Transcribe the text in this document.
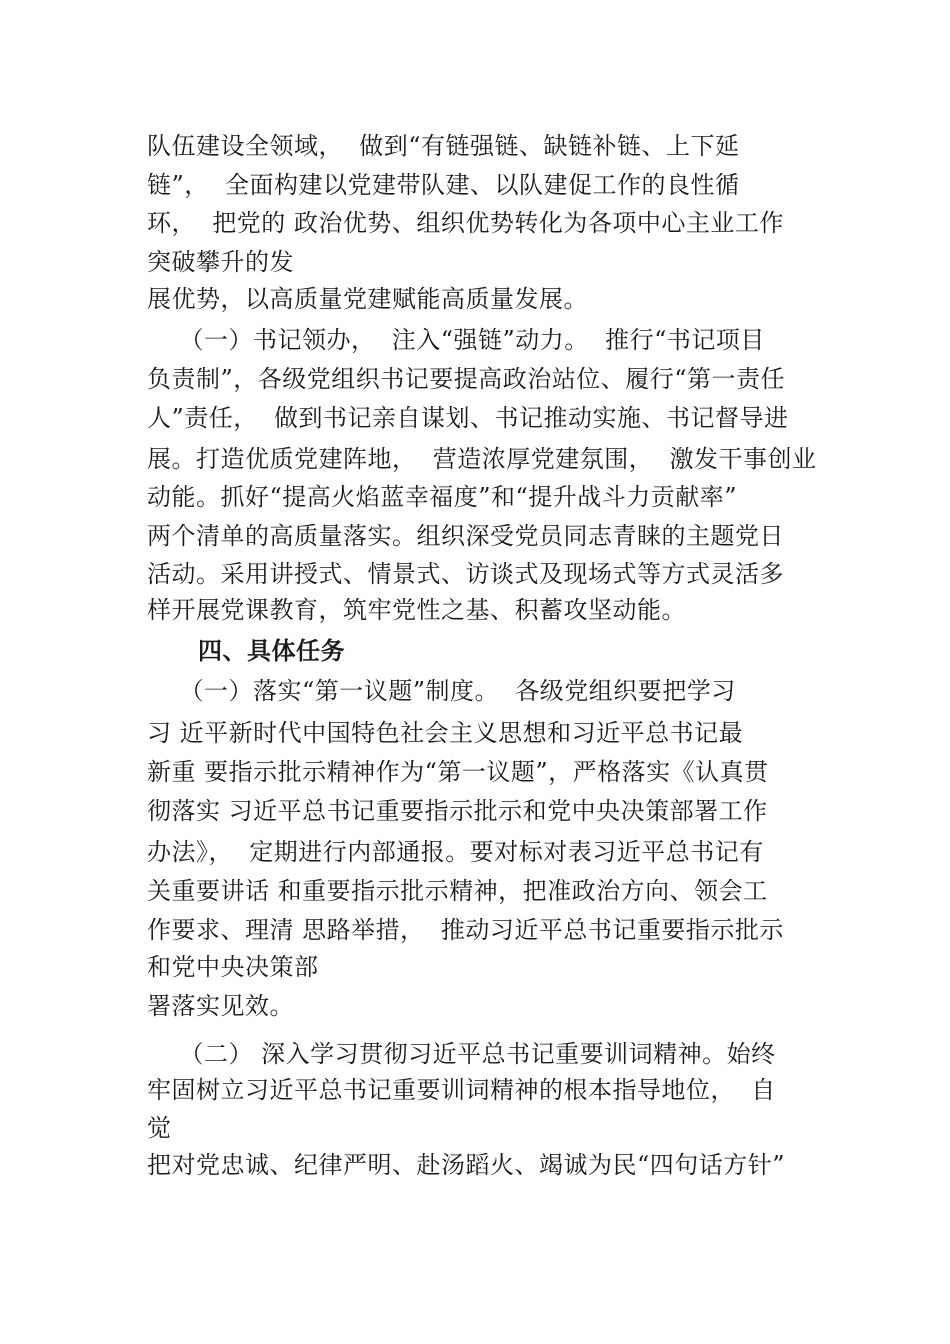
队伍建设全领域，  做到“有链强链、缺链补链、上下延
链”，  全面构建以党建带队建、以队建促工作的良性循
环，  把党的 政治优势、组织优势转化为各项中心主业工作
突破攀升的发
展优势，以高质量党建赋能高质量发展。
（一）书记领办，  注入“强链”动力。  推行“书记项目
负责制”，各级党组织书记要提高政治站位、履行“第一责任
人”责任，  做到书记亲自谋划、书记推动实施、书记督导进
展。打造优质党建阵地，  营造浓厚党建氛围，  激发干事创业
动能。抓好“提高火焰蓝幸福度”和“提升战斗力贡献率”
两个清单的高质量落实。组织深受党员同志青睐的主题党日
活动。采用讲授式、情景式、访谈式及现场式等方式灵活多
样开展党课教育，筑牢党性之基、积蓄攻坚动能。
四、具体任务
（一）落实“第一议题”制度。  各级党组织要把学习
习 近平新时代中国特色社会主义思想和习近平总书记最
新重 要指示批示精神作为“第一议题”，严格落实《认真贯
彻落实 习近平总书记重要指示批示和党中央决策部署工作
办法》，  定期进行内部通报。要对标对表习近平总书记有
关重要讲话 和重要指示批示精神，把准政治方向、领会工
作要求、理清 思路举措，  推动习近平总书记重要指示批示
和党中央决策部
署落实见效。
（二） 深入学习贯彻习近平总书记重要训词精神。始终
牢固树立习近平总书记重要训词精神的根本指导地位，  自
觉
把对党忠诚、纪律严明、赴汤蹈火、竭诚为民“四句话方针”
